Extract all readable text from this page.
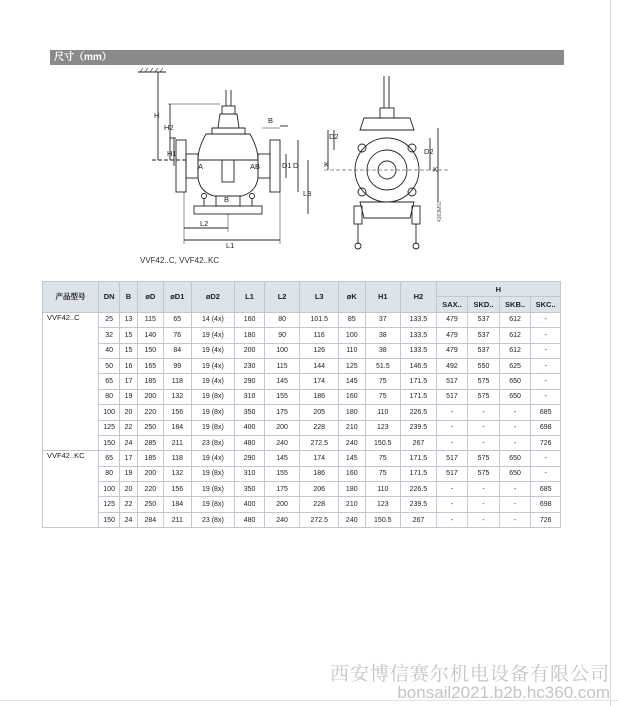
尺寸（mm）
H
H2
H1
B
A	AB
B
D1 D
L3
L2
L1
K
D2
D2
K
VVF42..C, VVF42..KC
4363M02
产品型号	DN	B	øD	øD1	øD2	L1	L2	L3	øK	H1	H2	H			
												SAX..	SKD..	SKB..	SKC..
VVF42..C	25	13	115	65	14 (4x)	160	80	101.5	85	37	133.5	479	537	612	-
	32	15	140	76	19 (4x)	180	90	116	100	38	133.5	479	537	612	-
	40	15	150	84	19 (4x)	200	100	126	110	38	133.5	479	537	612	-
	50	16	165	99	19 (4x)	230	115	144	125	51.5	146.5	492	550	625	-
	65	17	185	118	19 (4x)	290	145	174	145	75	171.5	517	575	650	-
	80	19	200	132	19 (8x)	310	155	186	160	75	171.5	517	575	650	-
	100	20	220	156	19 (8x)	350	175	205	180	110	226.5	-	-	-	685
	125	22	250	184	19 (8x)	400	200	228	210	123	239.5	-	-	-	698
	150	24	285	211	23 (8x)	480	240	272.5	240	150.5	267	-	-	-	726
VVF42..KC	65	17	185	118	19 (4x)	290	145	174	145	75	171.5	517	575	650	-
	80	19	200	132	19 (8x)	310	155	186	160	75	171.5	517	575	650	-
	100	20	220	156	19 (8x)	350	175	206	180	110	226.5	-	-	-	685
	125	22	250	184	19 (8x)	400	200	228	210	123	239.5	-	-	-	698
	150	24	284	211	23 (8x)	480	240	272.5	240	150.5	267	-	-	-	726
西安博信赛尔机电设备有限公司
bonsail2021.b2b.hc360.com
